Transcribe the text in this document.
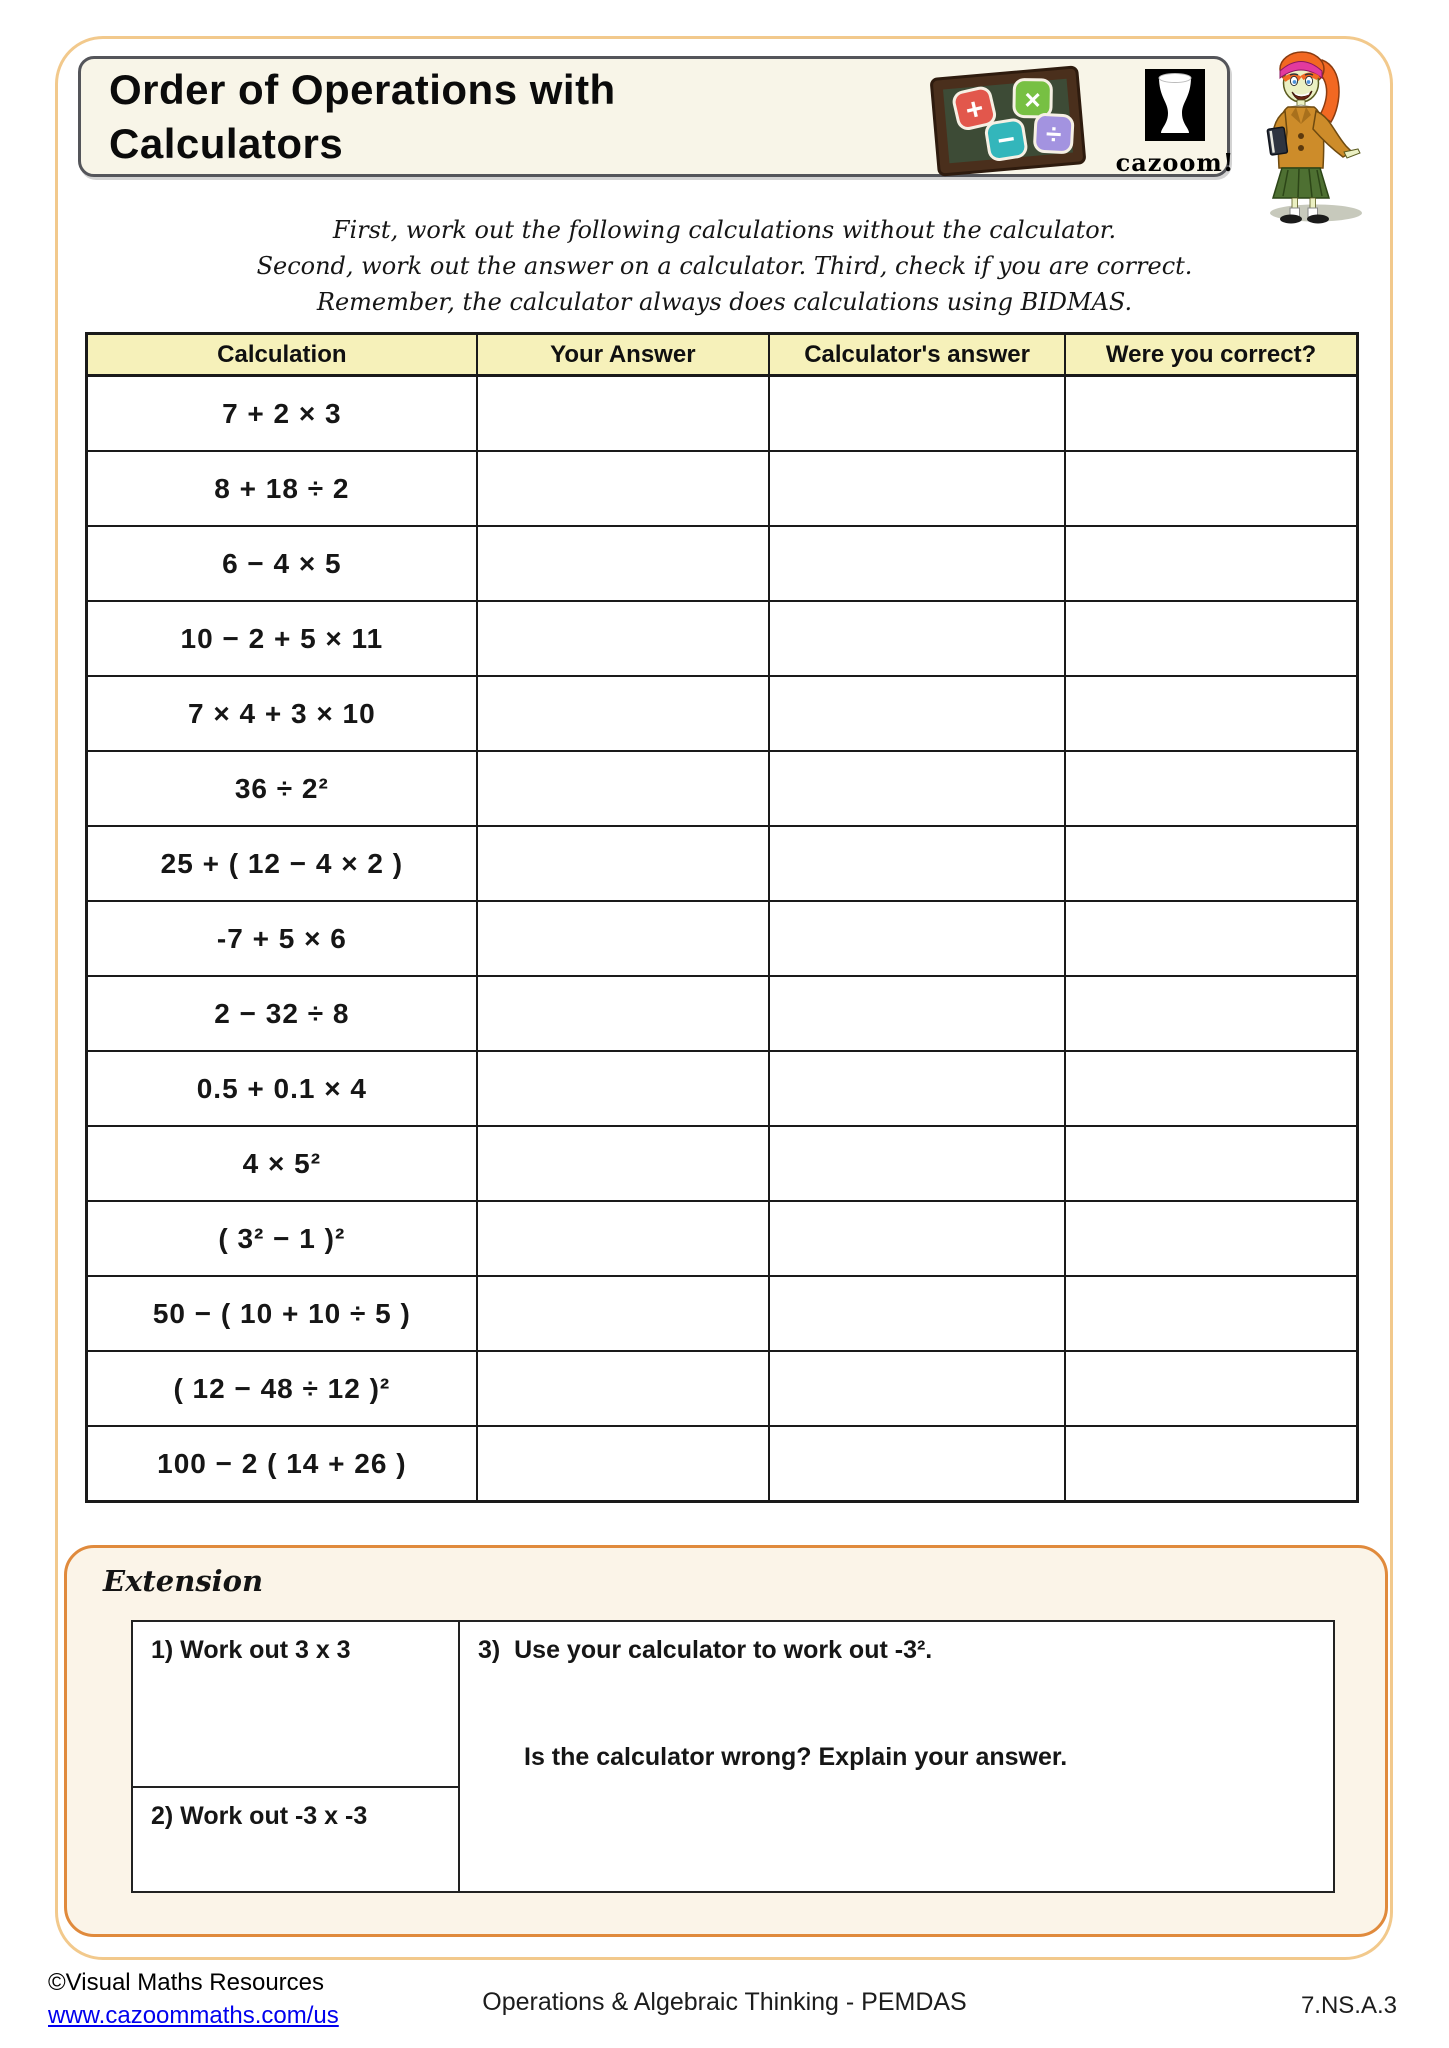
Order of Operations with Calculators
+ ×
− ÷
cazoom!
First, work out the following calculations without the calculator.
Second, work out the answer on a calculator. Third, check if you are correct.
Remember, the calculator always does calculations using BIDMAS.
Calculation	Your Answer	Calculator's answer	Were you correct?
7 + 2 × 3			
8 + 18 ÷ 2			
6 − 4 × 5			
10 − 2 + 5 × 11			
7 × 4 + 3 × 10			
36 ÷ 2²			
25 + ( 12 − 4 × 2 )			
-7 + 5 × 6			
2 − 32 ÷ 8			
0.5 + 0.1 × 4			
4 × 5²			
( 3² − 1 )²			
50 − ( 10 + 10 ÷ 5 )			
( 12 − 48 ÷ 12 )²			
100 − 2 ( 14 + 26 )			
Extension
1) Work out 3 x 3	3)  Use your calculator to work out -3².
Is the calculator wrong? Explain your answer.

2) Work out -3 x -3
©Visual Maths Resources
www.cazoommaths.com/us	Operations & Algebraic Thinking - PEMDAS	7.NS.A.3
